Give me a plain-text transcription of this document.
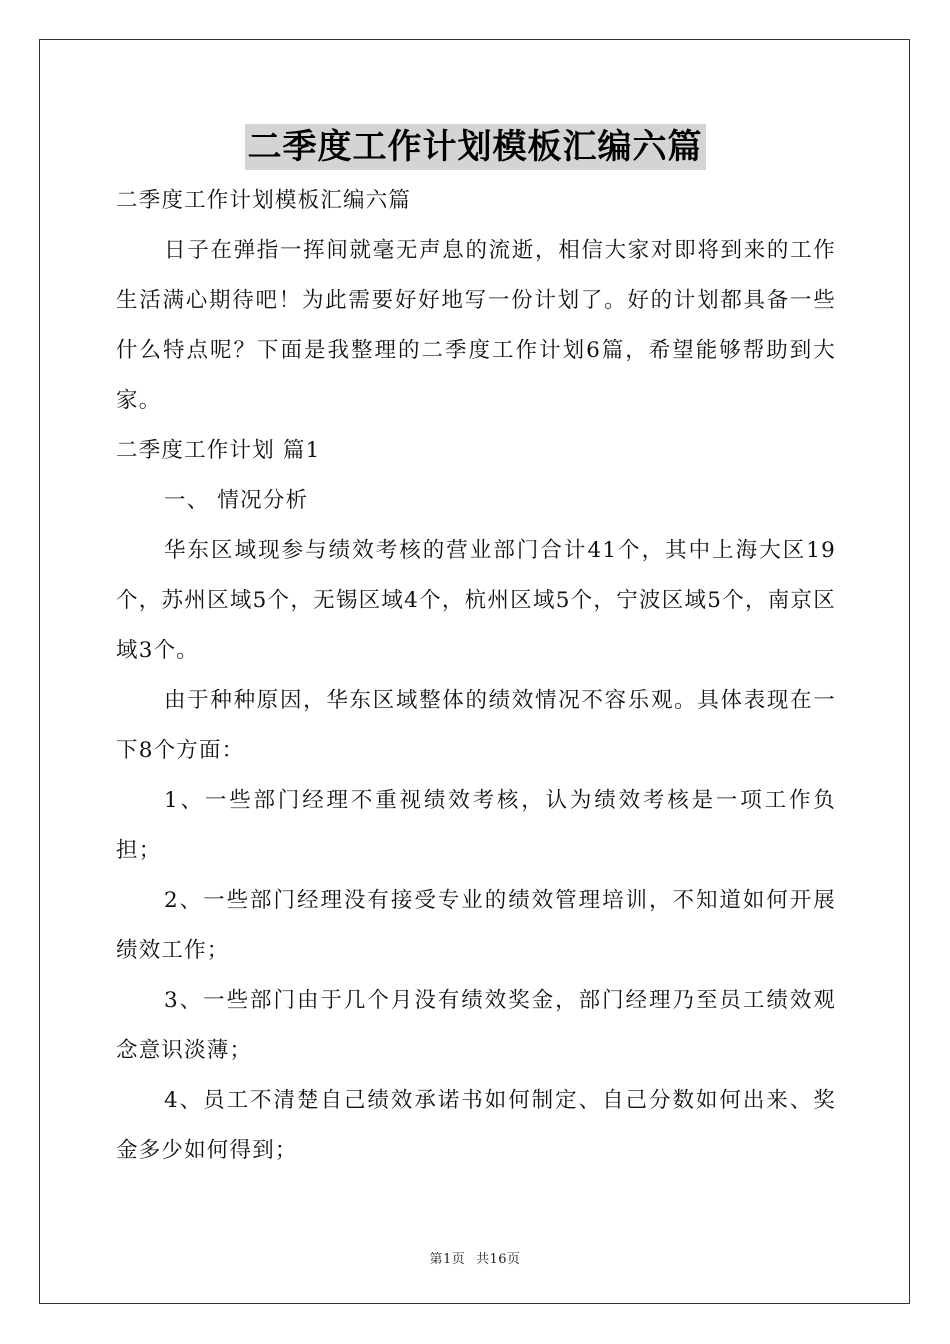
二季度工作计划模板汇编六篇

二季度工作计划模板汇编六篇

日子在弹指一挥间就毫无声息的流逝，相信大家对即将到来的工作生活满心期待吧！为此需要好好地写一份计划了。好的计划都具备一些什么特点呢？下面是我整理的二季度工作计划6篇，希望能够帮助到大家。

二季度工作计划 篇1

一、 情况分析

华东区域现参与绩效考核的营业部门合计41个，其中上海大区19个，苏州区域5个，无锡区域4个，杭州区域5个，宁波区域5个，南京区域3个。

由于种种原因，华东区域整体的绩效情况不容乐观。具体表现在一下8个方面：

1、一些部门经理不重视绩效考核，认为绩效考核是一项工作负担；

2、一些部门经理没有接受专业的绩效管理培训，不知道如何开展绩效工作；

3、一些部门由于几个月没有绩效奖金，部门经理乃至员工绩效观念意识淡薄；

4、员工不清楚自己绩效承诺书如何制定、自己分数如何出来、奖金多少如何得到；

第1页 共16页
